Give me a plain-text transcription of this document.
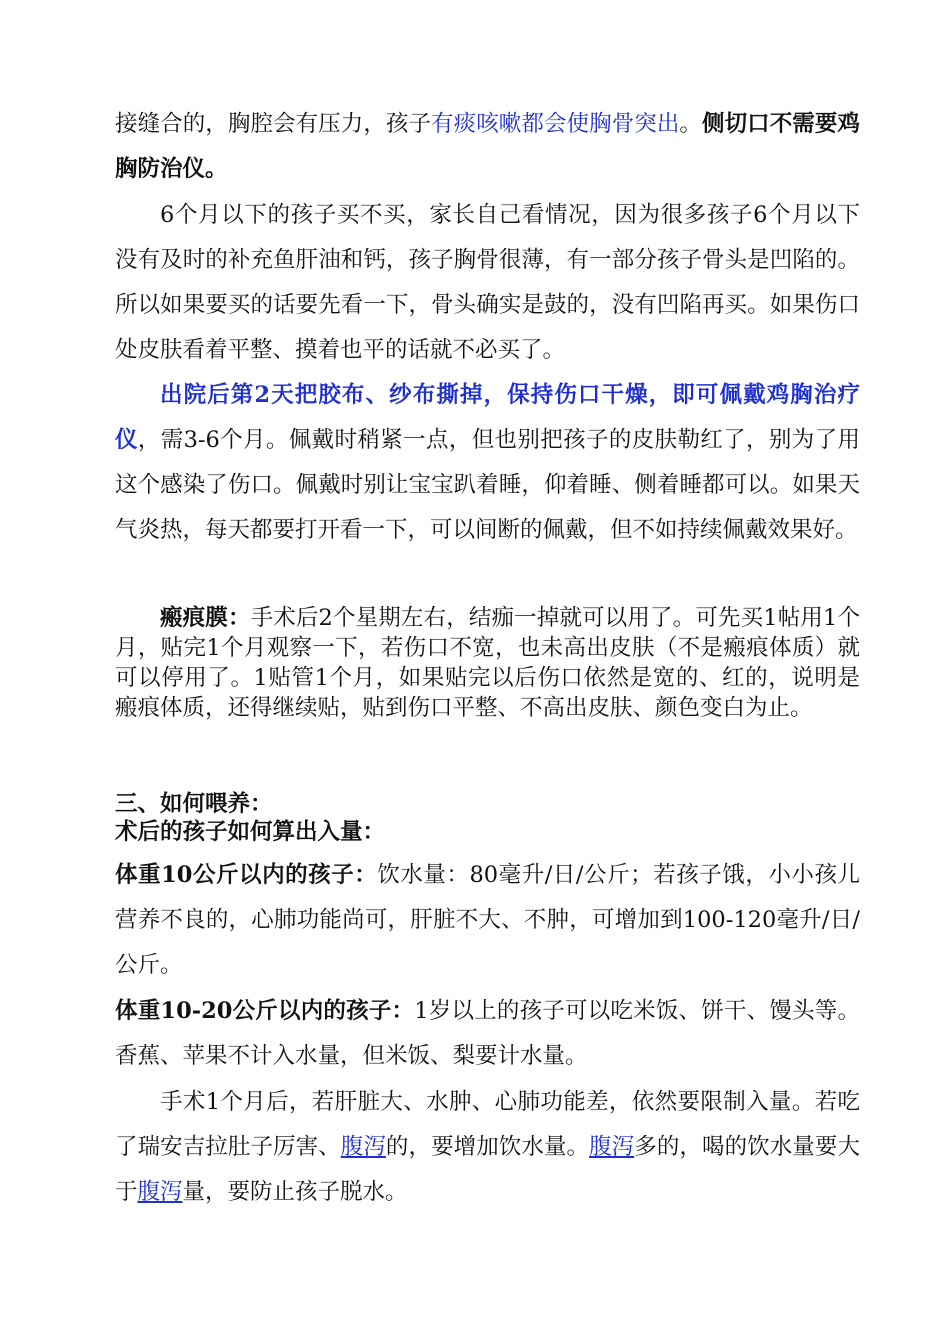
接缝合的，胸腔会有压力，孩子有痰咳嗽都会使胸骨突出。侧切口不需要鸡胸防治仪。

6个月以下的孩子买不买，家长自己看情况，因为很多孩子6个月以下没有及时的补充鱼肝油和钙，孩子胸骨很薄，有一部分孩子骨头是凹陷的。所以如果要买的话要先看一下，骨头确实是鼓的，没有凹陷再买。如果伤口处皮肤看着平整、摸着也平的话就不必买了。

出院后第2天把胶布、纱布撕掉，保持伤口干燥，即可佩戴鸡胸治疗仪，需3-6个月。佩戴时稍紧一点，但也别把孩子的皮肤勒红了，别为了用这个感染了伤口。佩戴时别让宝宝趴着睡，仰着睡、侧着睡都可以。如果天气炎热，每天都要打开看一下，可以间断的佩戴，但不如持续佩戴效果好。

瘢痕膜：手术后2个星期左右，结痂一掉就可以用了。可先买1帖用1个月，贴完1个月观察一下，若伤口不宽，也未高出皮肤（不是瘢痕体质）就可以停用了。1贴管1个月，如果贴完以后伤口依然是宽的、红的，说明是瘢痕体质，还得继续贴，贴到伤口平整、不高出皮肤、颜色变白为止。

三、如何喂养：

术后的孩子如何算出入量：

体重10公斤以内的孩子：饮水量：80毫升/日/公斤；若孩子饿，小小孩儿营养不良的，心肺功能尚可，肝脏不大、不肿，可增加到100-120毫升/日/公斤。

体重10-20公斤以内的孩子：1岁以上的孩子可以吃米饭、饼干、馒头等。香蕉、苹果不计入水量，但米饭、梨要计水量。

手术1个月后，若肝脏大、水肿、心肺功能差，依然要限制入量。若吃了瑞安吉拉肚子厉害、腹泻的，要增加饮水量。腹泻多的，喝的饮水量要大于腹泻量，要防止孩子脱水。
